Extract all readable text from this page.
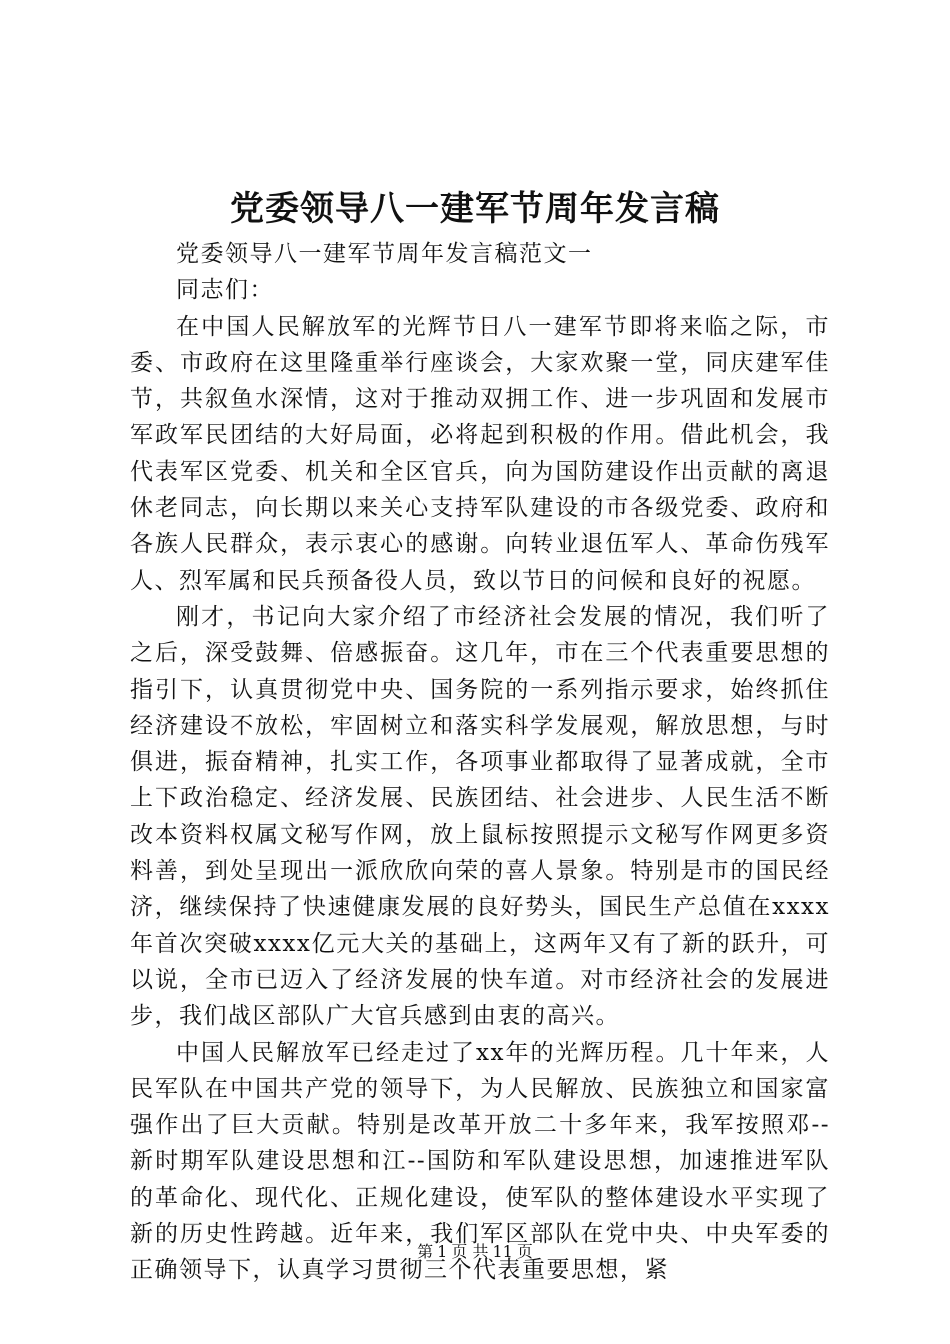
党委领导八一建军节周年发言稿

党委领导八一建军节周年发言稿范文一

同志们：

在中国人民解放军的光辉节日八一建军节即将来临之际，市委、市政府在这里隆重举行座谈会，大家欢聚一堂，同庆建军佳节，共叙鱼水深情，这对于推动双拥工作、进一步巩固和发展市军政军民团结的大好局面，必将起到积极的作用。借此机会，我代表军区党委、机关和全区官兵，向为国防建设作出贡献的离退休老同志，向长期以来关心支持军队建设的市各级党委、政府和各族人民群众，表示衷心的感谢。向转业退伍军人、革命伤残军人、烈军属和民兵预备役人员，致以节日的问候和良好的祝愿。

刚才，书记向大家介绍了市经济社会发展的情况，我们听了之后，深受鼓舞、倍感振奋。这几年，市在三个代表重要思想的指引下，认真贯彻党中央、国务院的一系列指示要求，始终抓住经济建设不放松，牢固树立和落实科学发展观，解放思想，与时俱进，振奋精神，扎实工作，各项事业都取得了显著成就，全市上下政治稳定、经济发展、民族团结、社会进步、人民生活不断改本资料权属文秘写作网，放上鼠标按照提示文秘写作网更多资料善，到处呈现出一派欣欣向荣的喜人景象。特别是市的国民经济，继续保持了快速健康发展的良好势头，国民生产总值在xxxx年首次突破xxxx亿元大关的基础上，这两年又有了新的跃升，可以说，全市已迈入了经济发展的快车道。对市经济社会的发展进步，我们战区部队广大官兵感到由衷的高兴。

中国人民解放军已经走过了xx年的光辉历程。几十年来，人民军队在中国共产党的领导下，为人民解放、民族独立和国家富强作出了巨大贡献。特别是改革开放二十多年来，我军按照邓--新时期军队建设思想和江--国防和军队建设思想，加速推进军队的革命化、现代化、正规化建设，使军队的整体建设水平实现了新的历史性跨越。近年来，我们军区部队在党中央、中央军委的正确领导下，认真学习贯彻三个代表重要思想，紧

第 1 页 共 11 页
